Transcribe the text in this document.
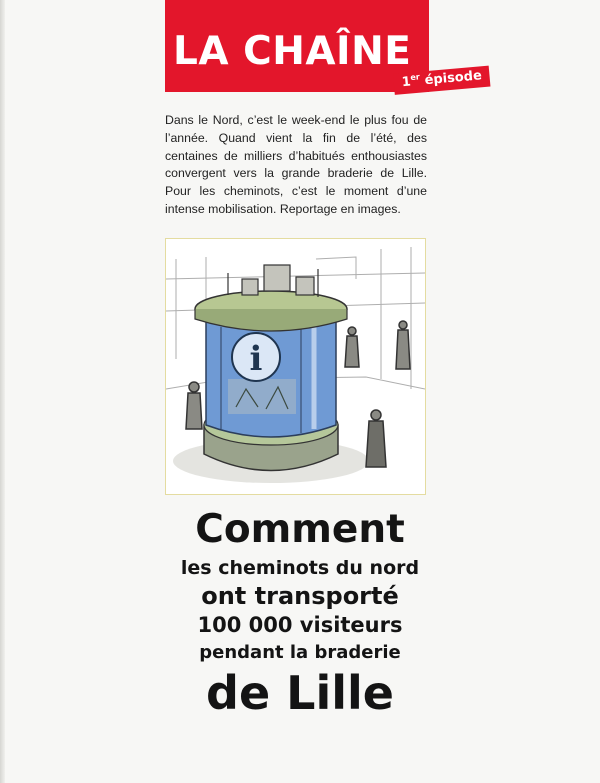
LA CHAÎNE
1er épisode

Dans le Nord, c’est le week-end le plus fou de l’année. Quand vient la fin de l’été, des centaines de milliers d’habitués enthousiastes convergent vers la grande braderie de Lille. Pour les cheminots, c’est le moment d’une intense mobilisation. Reportage en images.

i
Comment
les cheminots du nord
ont transporté
100 000 visiteurs
pendant la braderie
de Lille
